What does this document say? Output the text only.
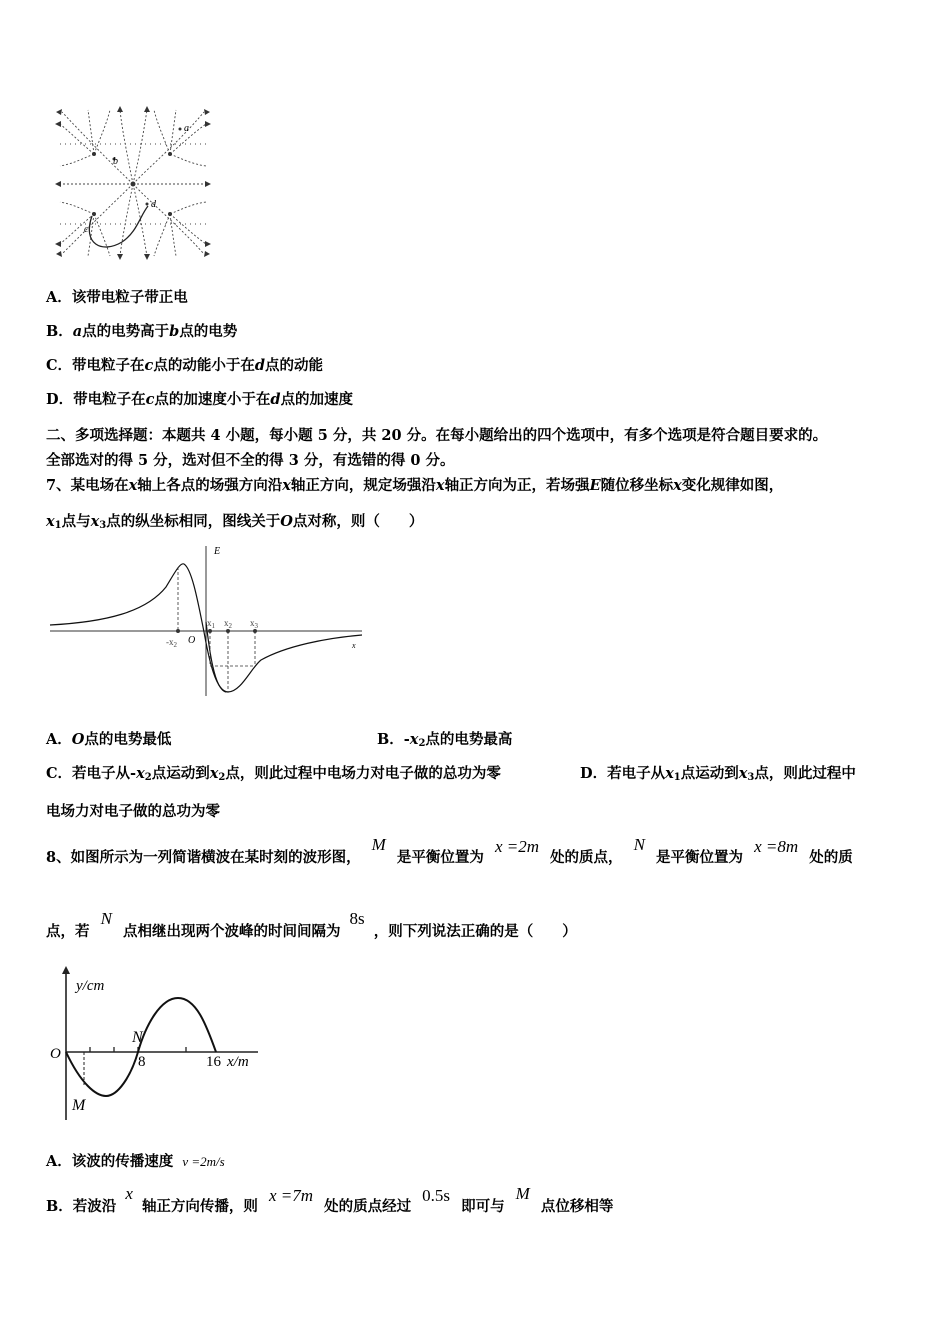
a
b
c
d
A．该带电粒子带正电
B．a点的电势高于b点的电势
C．带电粒子在c点的动能小于在d点的动能
D．带电粒子在c点的加速度小于在d点的加速度
二、多项选择题：本题共 4 小题，每小题 5 分，共 20 分。在每小题给出的四个选项中，有多个选项是符合题目要求的。
全部选对的得 5 分，选对但不全的得 3 分，有选错的得 0 分。
7、某电场在x轴上各点的场强方向沿x轴正方向，规定场强沿x轴正方向为正，若场强E随位移坐标x变化规律如图，
$x_1$点与$x_3$点的纵坐标相同，图线关于O点对称，则（　　）
E
x
O
$-x_2$
$x_1$ $x_2$ $x_3$
A．O点的电势最低	B．$-x_2$点的电势最高
C．若电子从$-x_2$点运动到$x_2$点，则此过程中电场力对电子做的总功为零	D．若电子从$x_1$点运动到$x_3$点，则此过程中
电场力对电子做的总功为零
8、如图所示为一列简谐横波在某时刻的波形图， M 是平衡位置为 x =2m 处的质点， N 是平衡位置为 x =8m 处的质
点，若 N 点相继出现两个波峰的时间间隔为 8s ，则下列说法正确的是（　　）
y/cm
x/m
O	8	16
M
N
A．该波的传播速度 v =2m/s
B．若波沿 x 轴正方向传播，则 x =7m 处的质点经过 0.5s 即可与 M 点位移相等
